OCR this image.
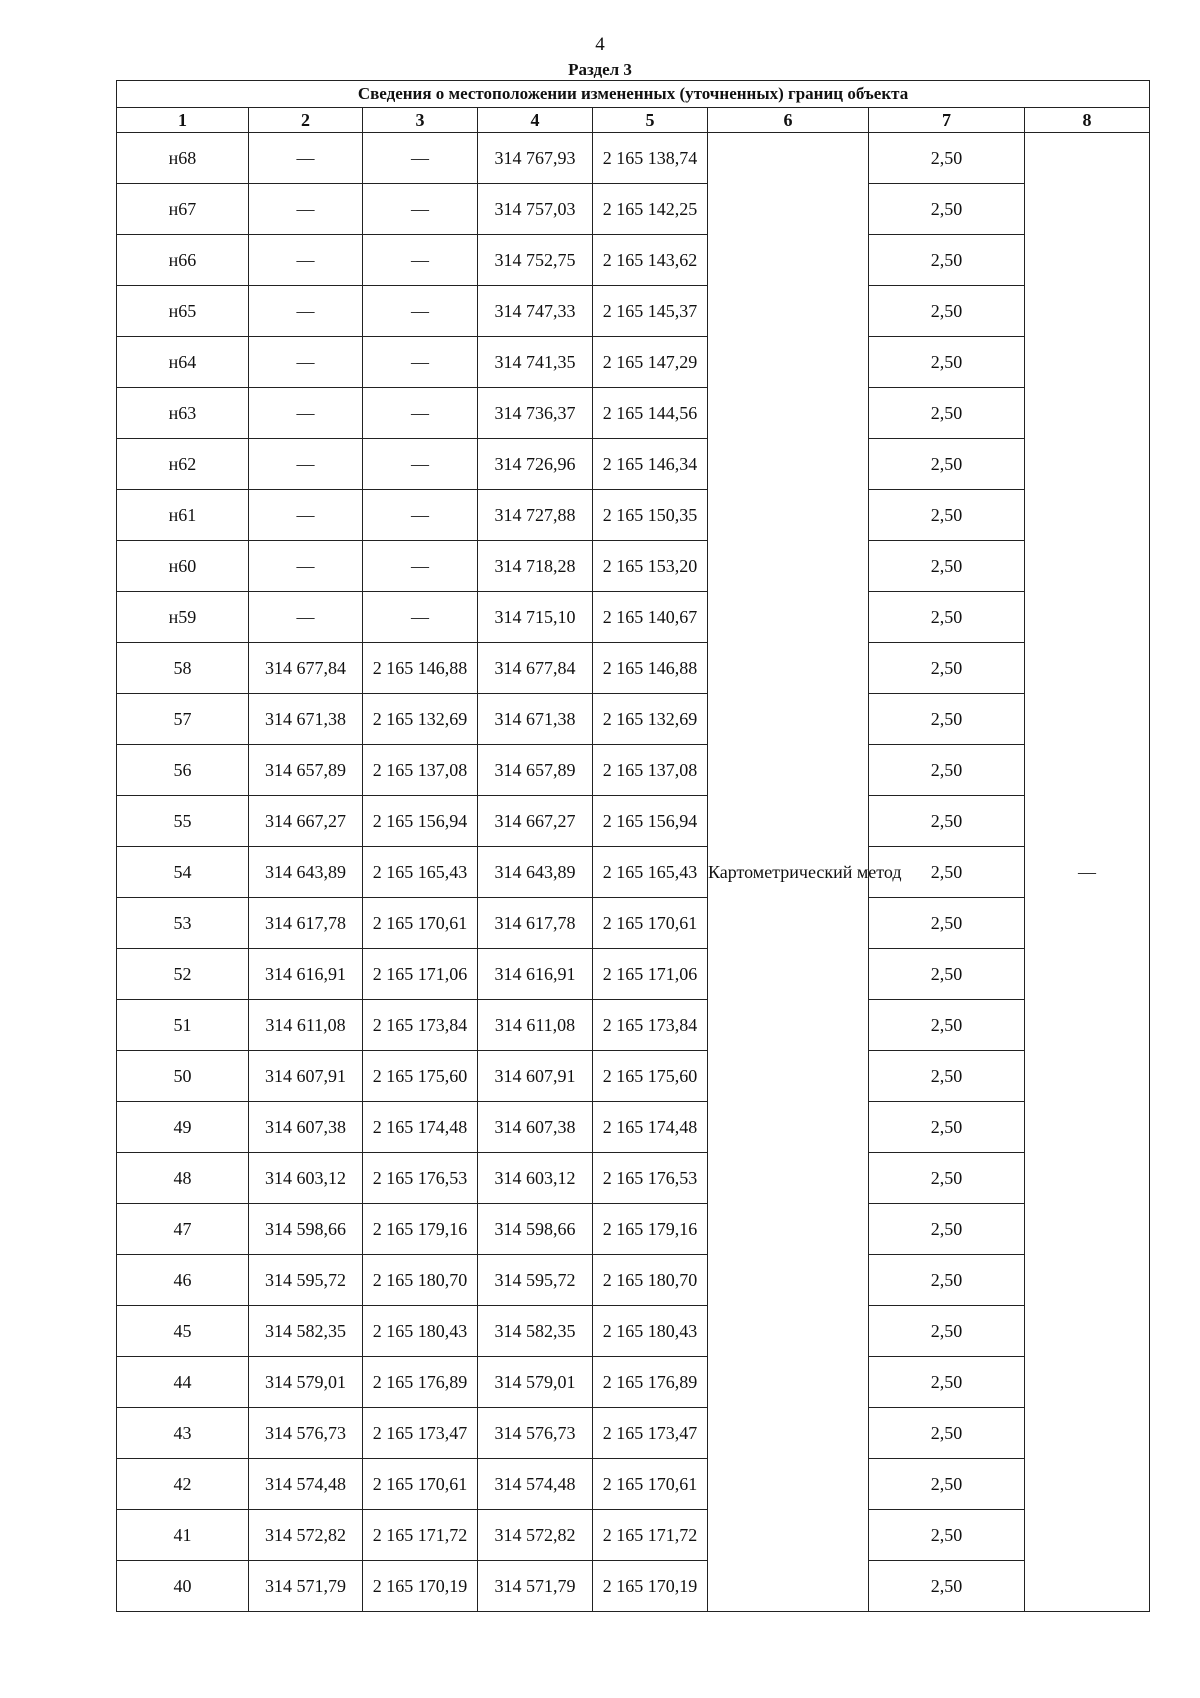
4
Раздел 3
Сведения о местоположении измененных (уточненных) границ объекта							
1	2	3	4	5	6	7	8
н68	—	—	314 767,93	2 165 138,74	Картометрический метод	2,50	—
н67	—	—	314 757,03	2 165 142,25		2,50	
н66	—	—	314 752,75	2 165 143,62		2,50	
н65	—	—	314 747,33	2 165 145,37		2,50	
н64	—	—	314 741,35	2 165 147,29		2,50	
н63	—	—	314 736,37	2 165 144,56		2,50	
н62	—	—	314 726,96	2 165 146,34		2,50	
н61	—	—	314 727,88	2 165 150,35		2,50	
н60	—	—	314 718,28	2 165 153,20		2,50	
н59	—	—	314 715,10	2 165 140,67		2,50	
58	314 677,84	2 165 146,88	314 677,84	2 165 146,88		2,50	
57	314 671,38	2 165 132,69	314 671,38	2 165 132,69		2,50	
56	314 657,89	2 165 137,08	314 657,89	2 165 137,08		2,50	
55	314 667,27	2 165 156,94	314 667,27	2 165 156,94		2,50	
54	314 643,89	2 165 165,43	314 643,89	2 165 165,43		2,50	
53	314 617,78	2 165 170,61	314 617,78	2 165 170,61		2,50	
52	314 616,91	2 165 171,06	314 616,91	2 165 171,06		2,50	
51	314 611,08	2 165 173,84	314 611,08	2 165 173,84		2,50	
50	314 607,91	2 165 175,60	314 607,91	2 165 175,60		2,50	
49	314 607,38	2 165 174,48	314 607,38	2 165 174,48		2,50	
48	314 603,12	2 165 176,53	314 603,12	2 165 176,53		2,50	
47	314 598,66	2 165 179,16	314 598,66	2 165 179,16		2,50	
46	314 595,72	2 165 180,70	314 595,72	2 165 180,70		2,50	
45	314 582,35	2 165 180,43	314 582,35	2 165 180,43		2,50	
44	314 579,01	2 165 176,89	314 579,01	2 165 176,89		2,50	
43	314 576,73	2 165 173,47	314 576,73	2 165 173,47		2,50	
42	314 574,48	2 165 170,61	314 574,48	2 165 170,61		2,50	
41	314 572,82	2 165 171,72	314 572,82	2 165 171,72		2,50	
40	314 571,79	2 165 170,19	314 571,79	2 165 170,19		2,50	
